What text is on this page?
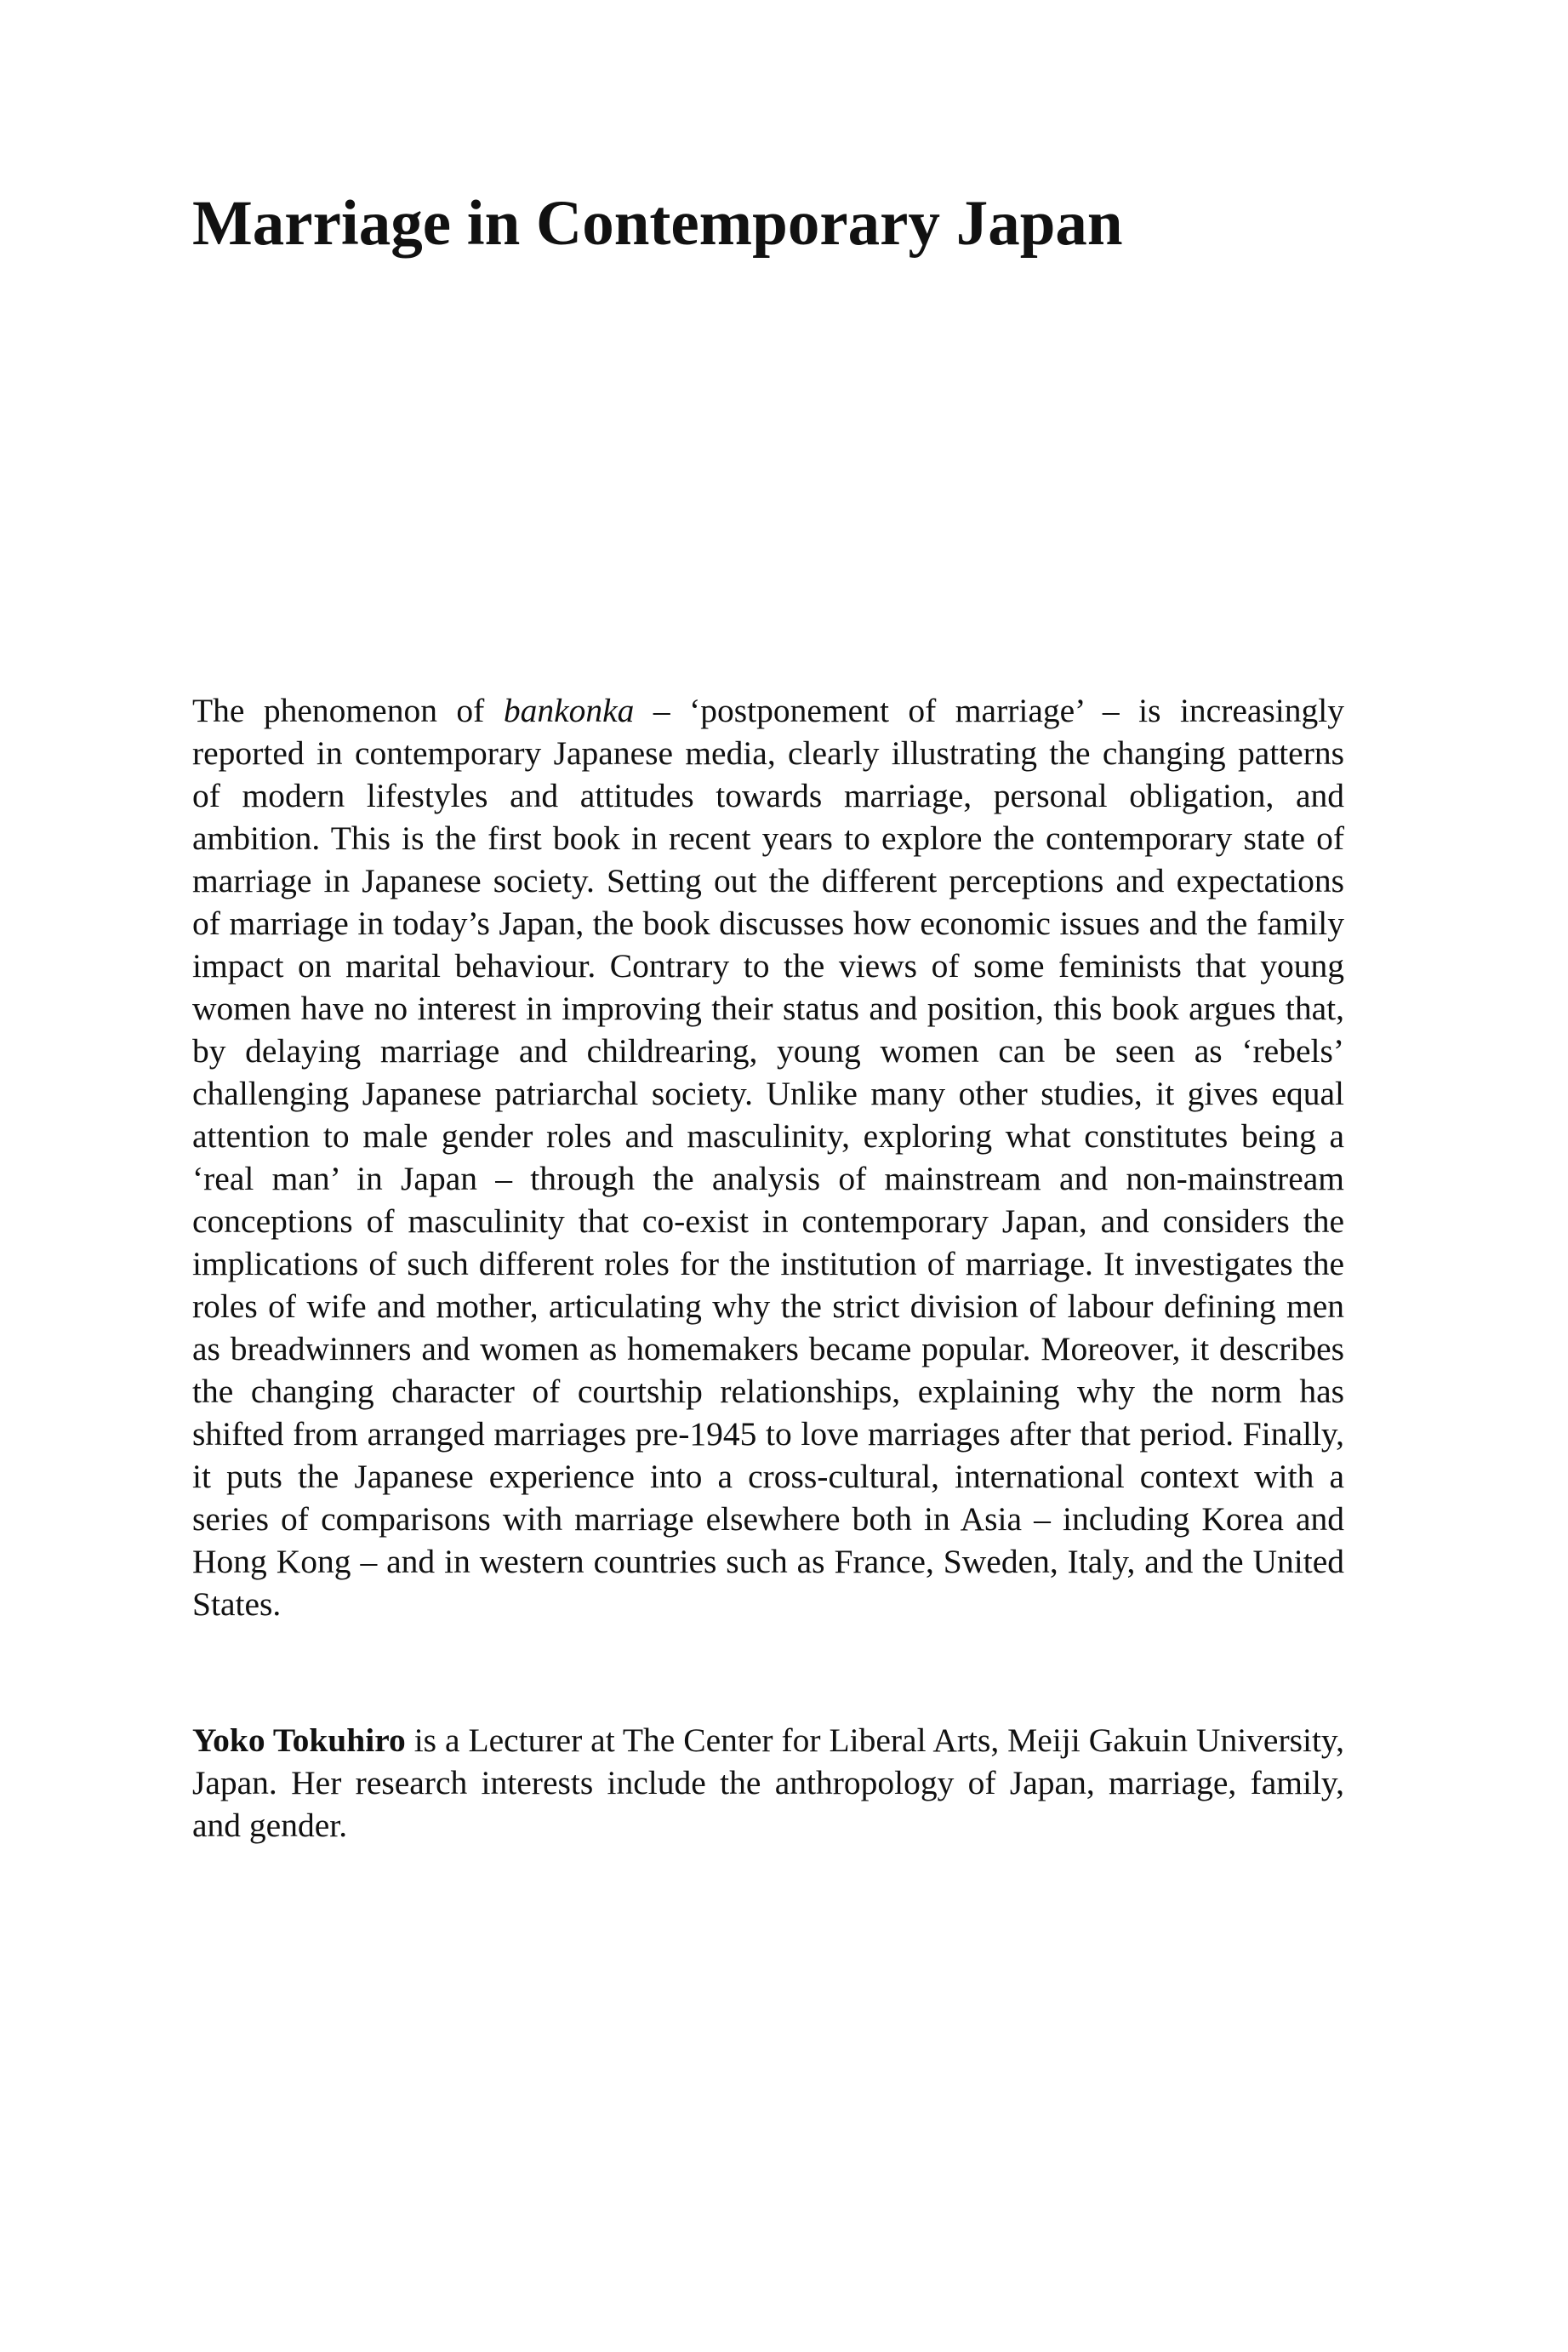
Marriage in Contemporary Japan

The phenomenon of bankonka – ‘postponement of marriage’ – is increasingly reported in contemporary Japanese media, clearly illustrating the changing patterns of modern lifestyles and attitudes towards marriage, personal obligation, and ambition. This is the first book in recent years to explore the contemporary state of marriage in Japanese society. Setting out the different perceptions and expectations of marriage in today’s Japan, the book discusses how economic issues and the family impact on marital behaviour. Contrary to the views of some feminists that young women have no interest in improving their status and position, this book argues that, by delaying marriage and childrearing, young women can be seen as ‘rebels’ challenging Japanese patriarchal society. Unlike many other studies, it gives equal attention to male gender roles and masculinity, exploring what constitutes being a ‘real man’ in Japan – through the analysis of mainstream and non-mainstream conceptions of masculinity that co-exist in contemporary Japan, and considers the implications of such different roles for the institution of marriage. It investigates the roles of wife and mother, articulating why the strict division of labour defining men as breadwinners and women as homemakers became popular. Moreover, it describes the changing character of courtship relationships, explaining why the norm has shifted from arranged marriages pre-1945 to love marriages after that period. Finally, it puts the Japanese experience into a cross-cultural, international context with a series of comparisons with marriage elsewhere both in Asia – including Korea and Hong Kong – and in western countries such as France, Sweden, Italy, and the United States.

Yoko Tokuhiro is a Lecturer at The Center for Liberal Arts, Meiji Gakuin University, Japan. Her research interests include the anthropology of Japan, marriage, family, and gender.
